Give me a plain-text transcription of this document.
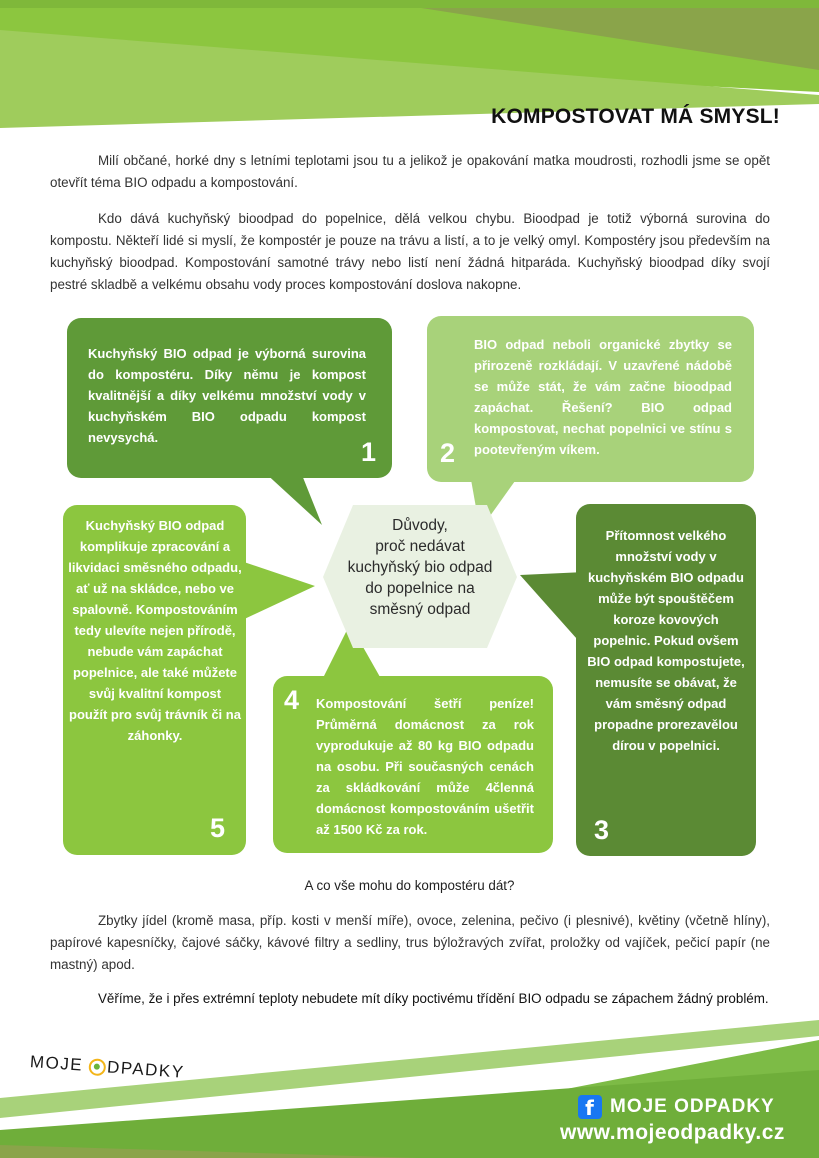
KOMPOSTOVAT MÁ SMYSL!

Milí občané, horké dny s letními teplotami jsou tu a jelikož je opakování matka moudrosti, rozhodli jsme se opět otevřít téma BIO odpadu a kompostování.

Kdo dává kuchyňský bioodpad do popelnice, dělá velkou chybu. Bioodpad je totiž výborná surovina do kompostu. Někteří lidé si myslí, že kompostér je pouze na trávu a listí, a to je velký omyl. Kompostéry jsou především na kuchyňský bioodpad. Kompostování samotné trávy nebo listí není žádná hitparáda. Kuchyňský bioodpad díky svojí pestré skladbě a velkému obsahu vody proces kompostování doslova nakopne.

Kuchyňský BIO odpad je výborná surovina do kompostéru. Díky němu je kompost kvalitnější a díky velkému množství vody v kuchyňském BIO odpadu kompost nevysychá.	1
BIO odpad neboli organické zbytky se přirozeně rozkládají. V uzavřené nádobě se může stát, že vám začne bioodpad zapáchat. Řešení? BIO odpad kompostovat, nechat popelnici ve stínu s pootevřeným víkem.
2
Přítomnost velkého množství vody v kuchyňském BIO odpadu může být spouštěčem koroze kovových popelnic. Pokud ovšem BIO odpad kompostujete, nemusíte se obávat, že vám směsný odpad propadne prorezavělou dírou v popelnici.
3
Kompostování šetří peníze! Průměrná domácnost za rok vyprodukuje až 80 kg BIO odpadu na osobu. Při současných cenách za skládkování může 4členná domácnost kompostováním ušetřit až 1500 Kč za rok.
4
Kuchyňský BIO odpad komplikuje zpracování a likvidaci směsného odpadu, ať už na skládce, nebo ve spalovně. Kompostováním tedy ulevíte nejen přírodě, nebude vám zapáchat popelnice, ale také můžete svůj kvalitní kompost použít pro svůj trávník či na záhonky.
5
Důvody,
proč nedávat
kuchyňský bio odpad
do popelnice na
směsný odpad
A co vše mohu do kompostéru dát?

Zbytky jídel (kromě masa, příp. kosti v menší míře), ovoce, zelenina, pečivo (i plesnivé), květiny (včetně hlíny), papírové kapesníčky, čajové sáčky, kávové filtry a sedliny, trus býložravých zvířat, proložky od vajíček, pečicí papír (ne mastný) apod.

Věříme, že i přes extrémní teploty nebudete mít díky poctivému třídění BIO odpadu se zápachem žádný problém.

MOJE DPADKY
f MOJE ODPADKY
www.mojeodpadky.cz
